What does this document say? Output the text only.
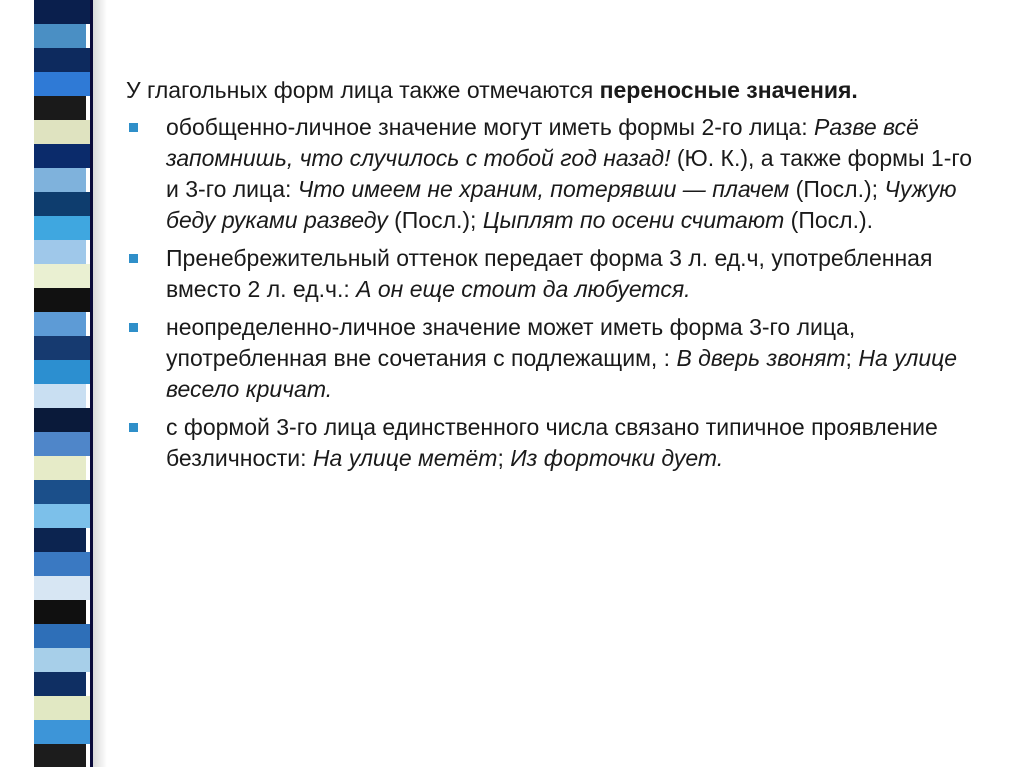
У глагольных форм лица также отмечаются переносные значения.

обобщенно-личное значение могут иметь формы 2-го лица: Разве всё запомнишь, что случилось с тобой год назад! (Ю. К.), а также формы 1-го и 3-го лица: Что имеем не храним, потерявши — плачем (Посл.); Чужую беду руками разведу (Посл.); Цыплят по осени считают (Посл.).
Пренебрежительный оттенок передает форма 3 л. ед.ч, употребленная вместо 2 л. ед.ч.: А он еще стоит да любуется.
неопределенно-личное значение может иметь форма 3-го лица, употребленная вне сочетания с подлежащим, : В дверь звонят; На улице весело кричат.
с формой 3-го лица единственного числа связано типичное проявление безличности: На улице метёт; Из форточки дует.
